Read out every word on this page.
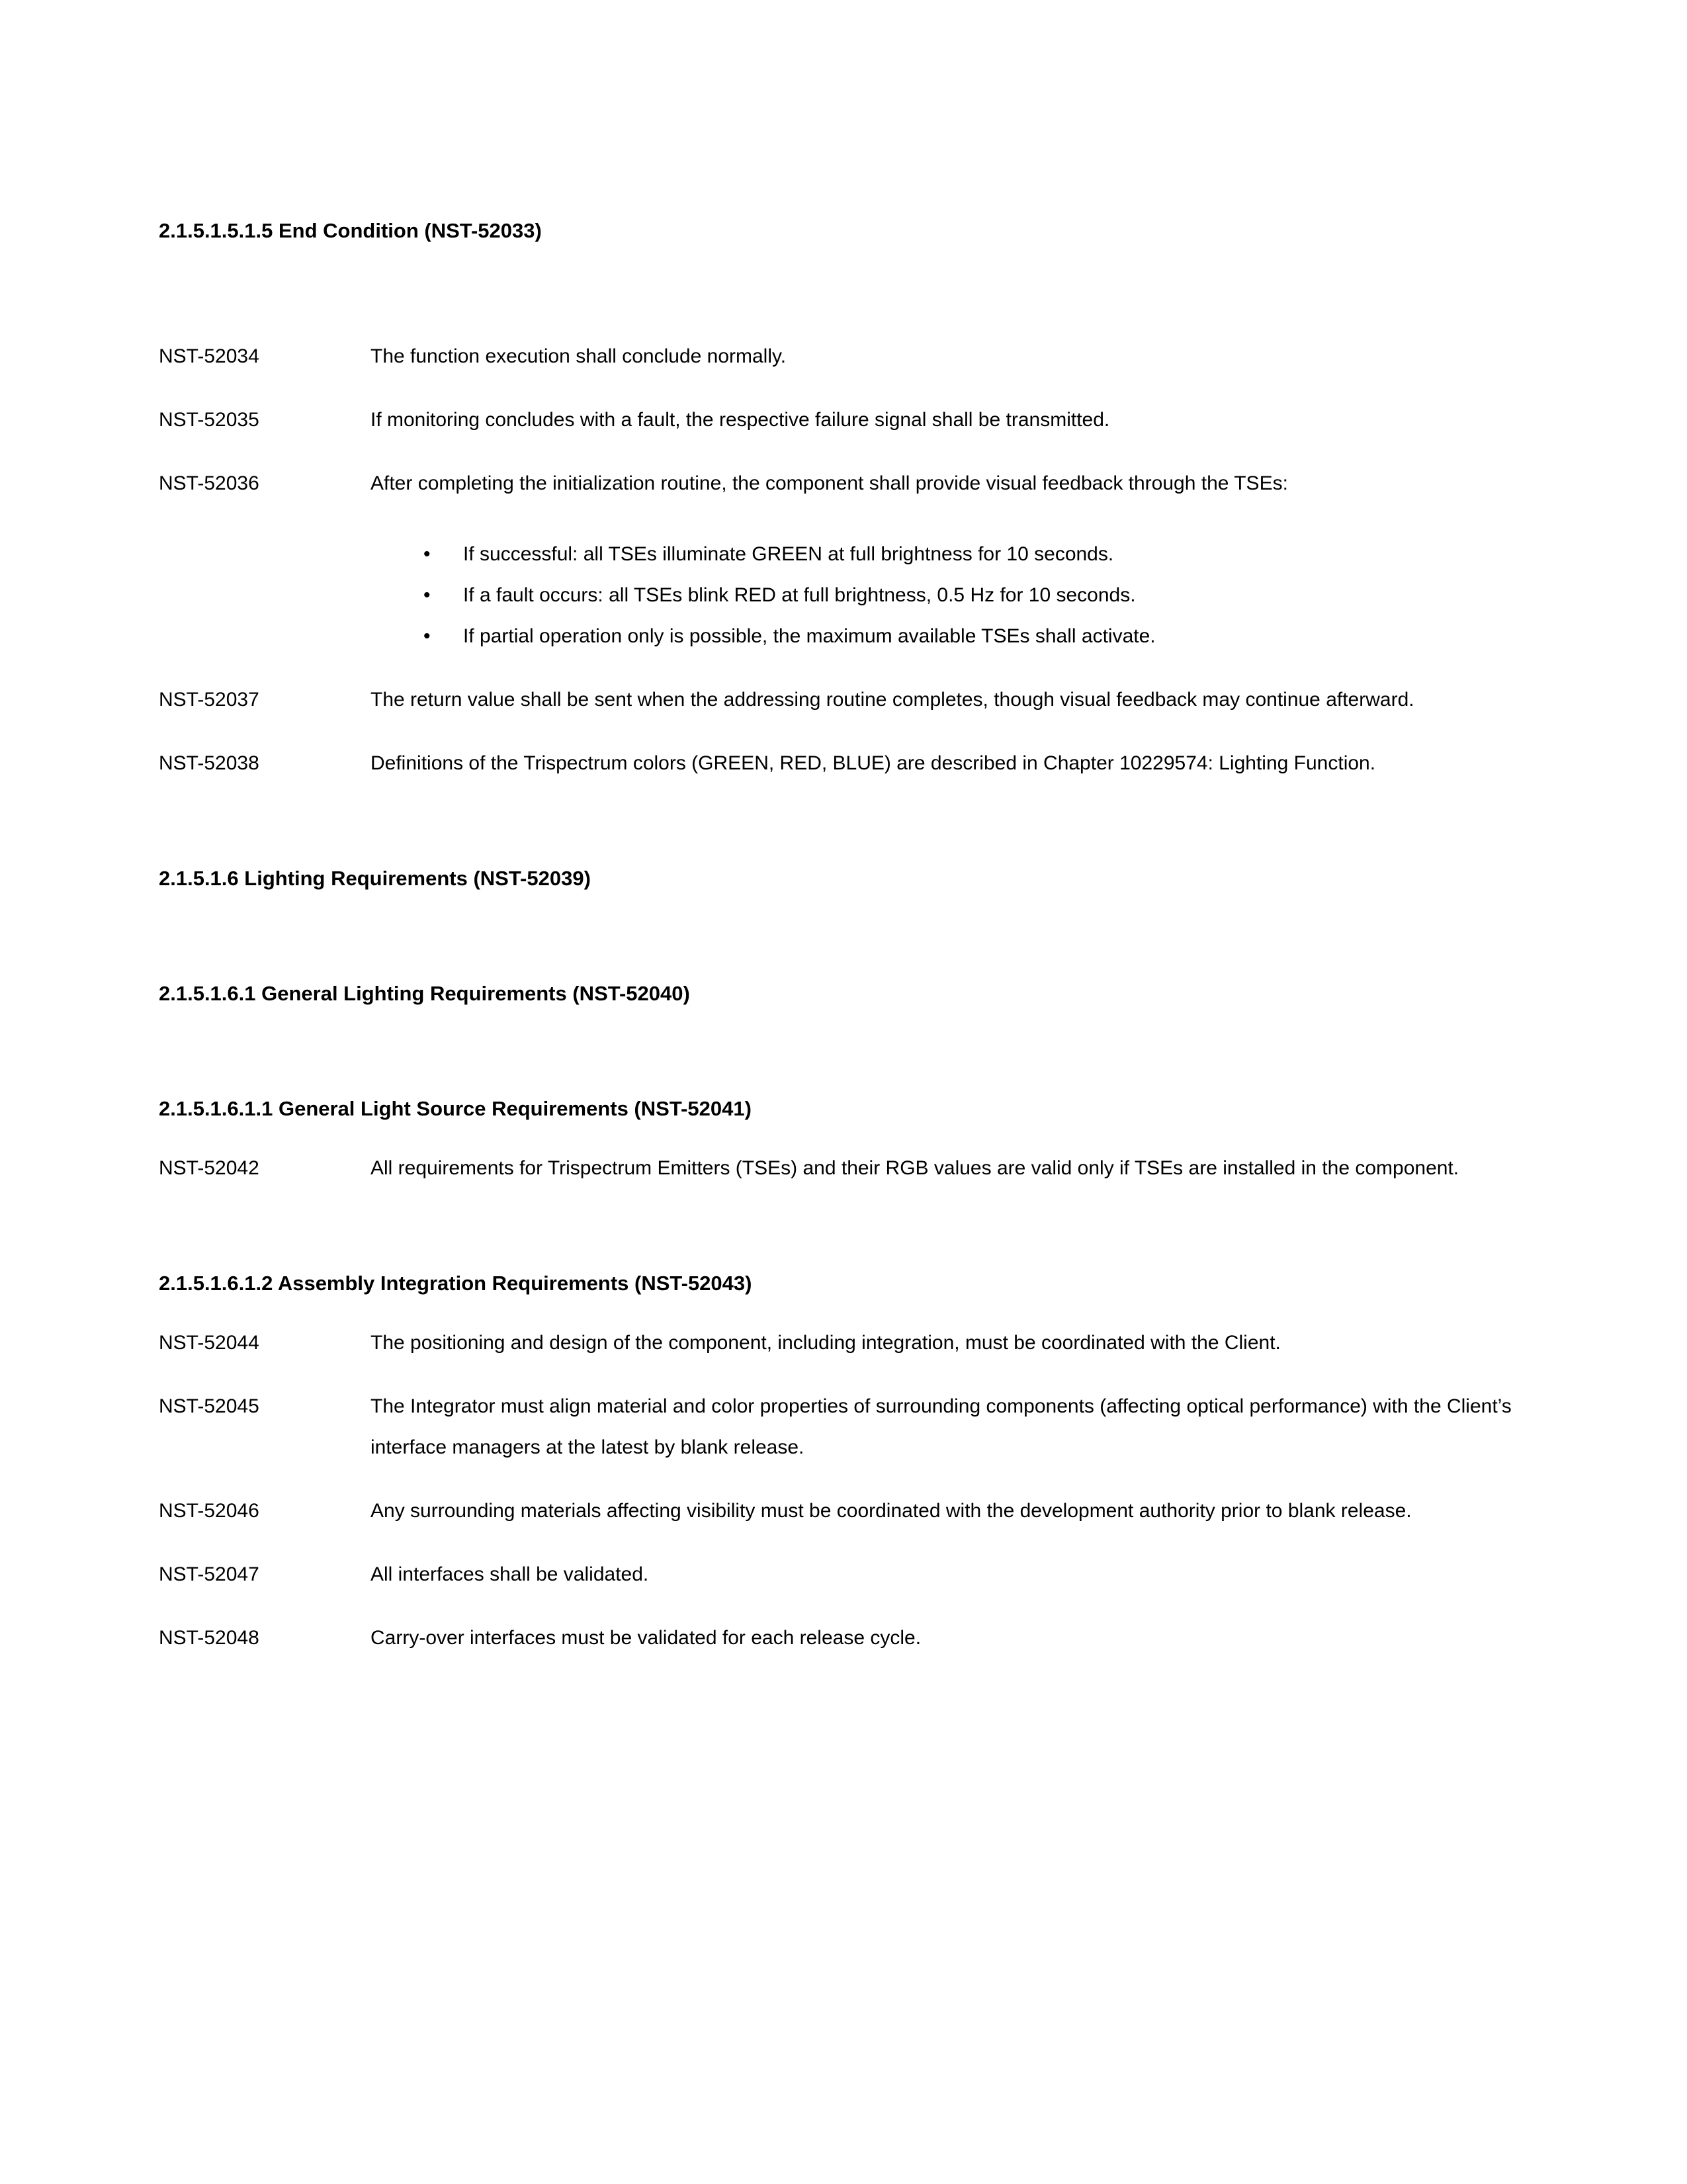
2.1.5.1.5.1.5 End Condition (NST-52033)
NST-52034	The function execution shall conclude normally.
NST-52035	If monitoring concludes with a fault, the respective failure signal shall be transmitted.
NST-52036	After completing the initialization routine, the component shall provide visual feedback through the TSEs:
•	If successful: all TSEs illuminate GREEN at full brightness for 10 seconds.
•	If a fault occurs: all TSEs blink RED at full brightness, 0.5 Hz for 10 seconds.
•	If partial operation only is possible, the maximum available TSEs shall activate.
NST-52037	The return value shall be sent when the addressing routine completes, though visual feedback may continue afterward.
NST-52038	Definitions of the Trispectrum colors (GREEN, RED, BLUE) are described in Chapter 10229574: Lighting Function.
2.1.5.1.6 Lighting Requirements (NST-52039)
2.1.5.1.6.1 General Lighting Requirements (NST-52040)
2.1.5.1.6.1.1 General Light Source Requirements (NST-52041)
NST-52042	All requirements for Trispectrum Emitters (TSEs) and their RGB values are valid only if TSEs are installed in the component.
2.1.5.1.6.1.2 Assembly Integration Requirements (NST-52043)
NST-52044	The positioning and design of the component, including integration, must be coordinated with the Client.
NST-52045	The Integrator must align material and color properties of surrounding components (affecting optical performance) with the Client’s interface managers at the latest by blank release.
NST-52046	Any surrounding materials affecting visibility must be coordinated with the development authority prior to blank release.
NST-52047	All interfaces shall be validated.
NST-52048	Carry-over interfaces must be validated for each release cycle.
